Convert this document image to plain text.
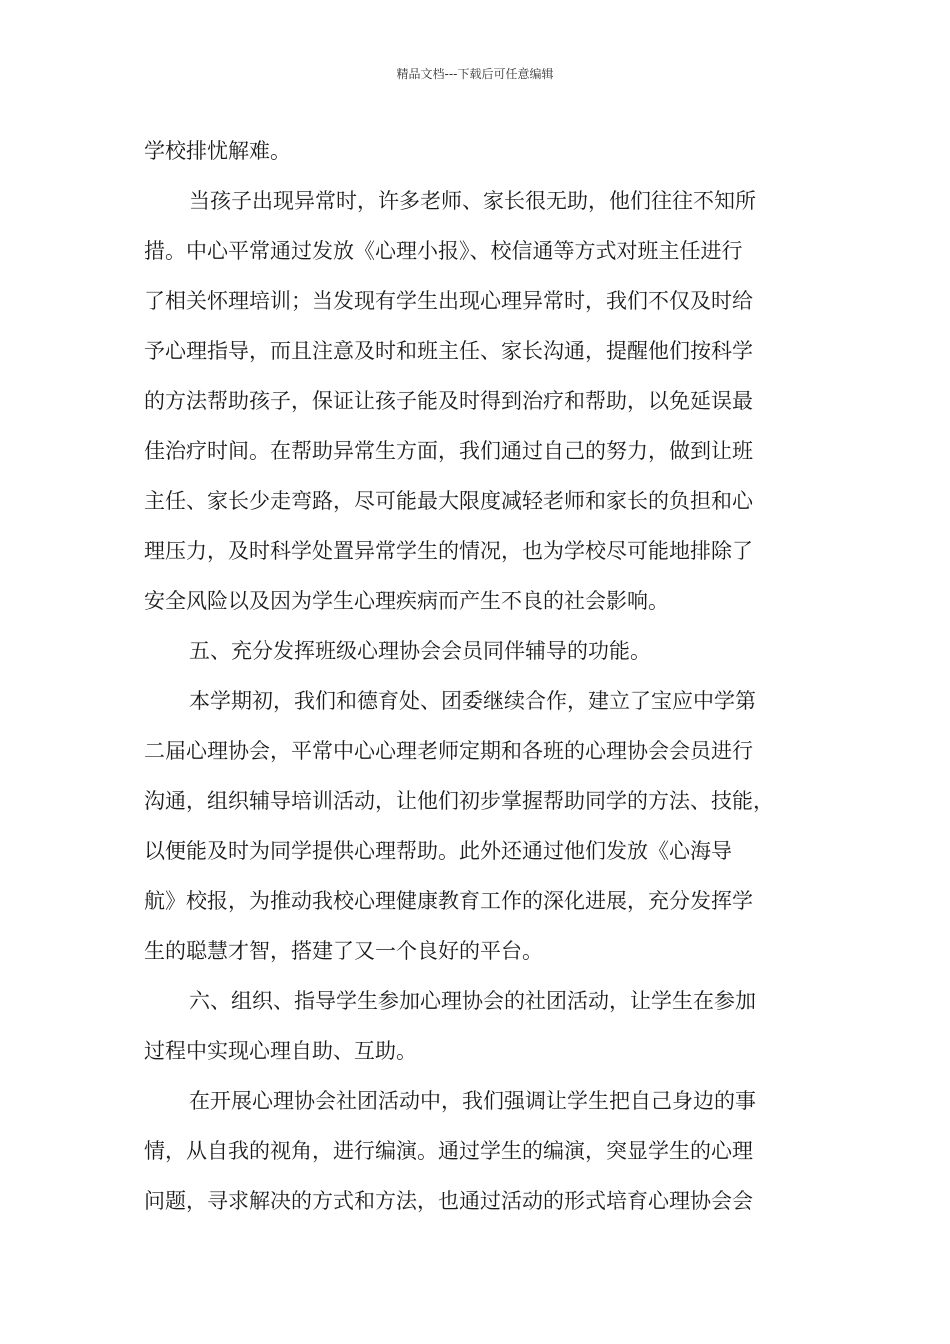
精品文档---下载后可任意编辑
学校排忧解难。
当孩子出现异常时，许多老师、家长很无助，他们往往不知所
措。中心平常通过发放《心理小报》、校信通等方式对班主任进行
了相关怀理培训；当发现有学生出现心理异常时，我们不仅及时给
予心理指导，而且注意及时和班主任、家长沟通，提醒他们按科学
的方法帮助孩子，保证让孩子能及时得到治疗和帮助，以免延误最
佳治疗时间。在帮助异常生方面，我们通过自己的努力，做到让班
主任、家长少走弯路，尽可能最大限度减轻老师和家长的负担和心
理压力，及时科学处置异常学生的情况，也为学校尽可能地排除了
安全风险以及因为学生心理疾病而产生不良的社会影响。
五、充分发挥班级心理协会会员同伴辅导的功能。
本学期初，我们和德育处、团委继续合作，建立了宝应中学第
二届心理协会，平常中心心理老师定期和各班的心理协会会员进行
沟通，组织辅导培训活动，让他们初步掌握帮助同学的方法、技能，
以便能及时为同学提供心理帮助。此外还通过他们发放《心海导
航》校报，为推动我校心理健康教育工作的深化进展，充分发挥学
生的聪慧才智，搭建了又一个良好的平台。
六、组织、指导学生参加心理协会的社团活动，让学生在参加
过程中实现心理自助、互助。
在开展心理协会社团活动中，我们强调让学生把自己身边的事
情，从自我的视角，进行编演。通过学生的编演，突显学生的心理
问题，寻求解决的方式和方法，也通过活动的形式培育心理协会会
